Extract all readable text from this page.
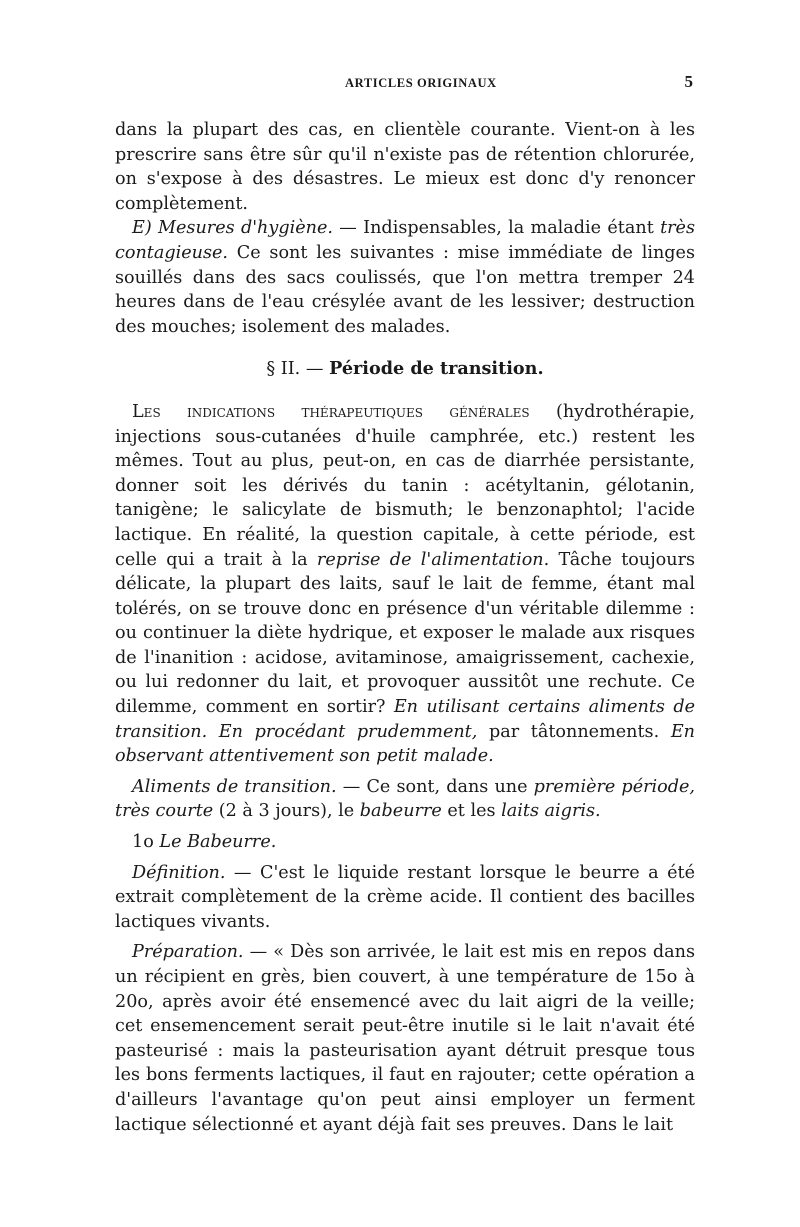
ARTICLES ORIGINAUX	5

dans la plupart des cas, en clientèle courante. Vient-on à les prescrire sans être sûr qu'il n'existe pas de rétention chlorurée, on s'expose à des désastres. Le mieux est donc d'y renoncer complètement.

E) Mesures d'hygiène. — Indispensables, la maladie étant très contagieuse. Ce sont les suivantes : mise immédiate de linges souillés dans des sacs coulissés, que l'on mettra tremper 24 heures dans de l'eau crésylée avant de les lessiver; destruction des mouches; isolement des malades.

§ II. — Période de transition.

Les indications thérapeutiques générales (hydrothérapie, injections sous-cutanées d'huile camphrée, etc.) restent les mêmes. Tout au plus, peut-on, en cas de diarrhée persistante, donner soit les dérivés du tanin : acétyltanin, gélotanin, tanigène; le salicylate de bismuth; le benzonaphtol; l'acide lactique. En réalité, la question capitale, à cette période, est celle qui a trait à la reprise de l'alimentation. Tâche toujours délicate, la plupart des laits, sauf le lait de femme, étant mal tolérés, on se trouve donc en présence d'un véritable dilemme : ou continuer la diète hydrique, et exposer le malade aux risques de l'inanition : acidose, avitaminose, amaigrissement, cachexie, ou lui redonner du lait, et provoquer aussitôt une rechute. Ce dilemme, comment en sortir? En utilisant certains aliments de transition. En procédant prudemment, par tâtonnements. En observant attentivement son petit malade.

Aliments de transition. — Ce sont, dans une première période, très courte (2 à 3 jours), le babeurre et les laits aigris.

1o Le Babeurre.

Définition. — C'est le liquide restant lorsque le beurre a été extrait complètement de la crème acide. Il contient des bacilles lactiques vivants.

Préparation. — « Dès son arrivée, le lait est mis en repos dans un récipient en grès, bien couvert, à une température de 15o à 20o, après avoir été ensemencé avec du lait aigri de la veille; cet ensemencement serait peut-être inutile si le lait n'avait été pasteurisé : mais la pasteurisation ayant détruit presque tous les bons ferments lactiques, il faut en rajouter; cette opération a d'ailleurs l'avantage qu'on peut ainsi employer un ferment lactique sélectionné et ayant déjà fait ses preuves. Dans le lait
